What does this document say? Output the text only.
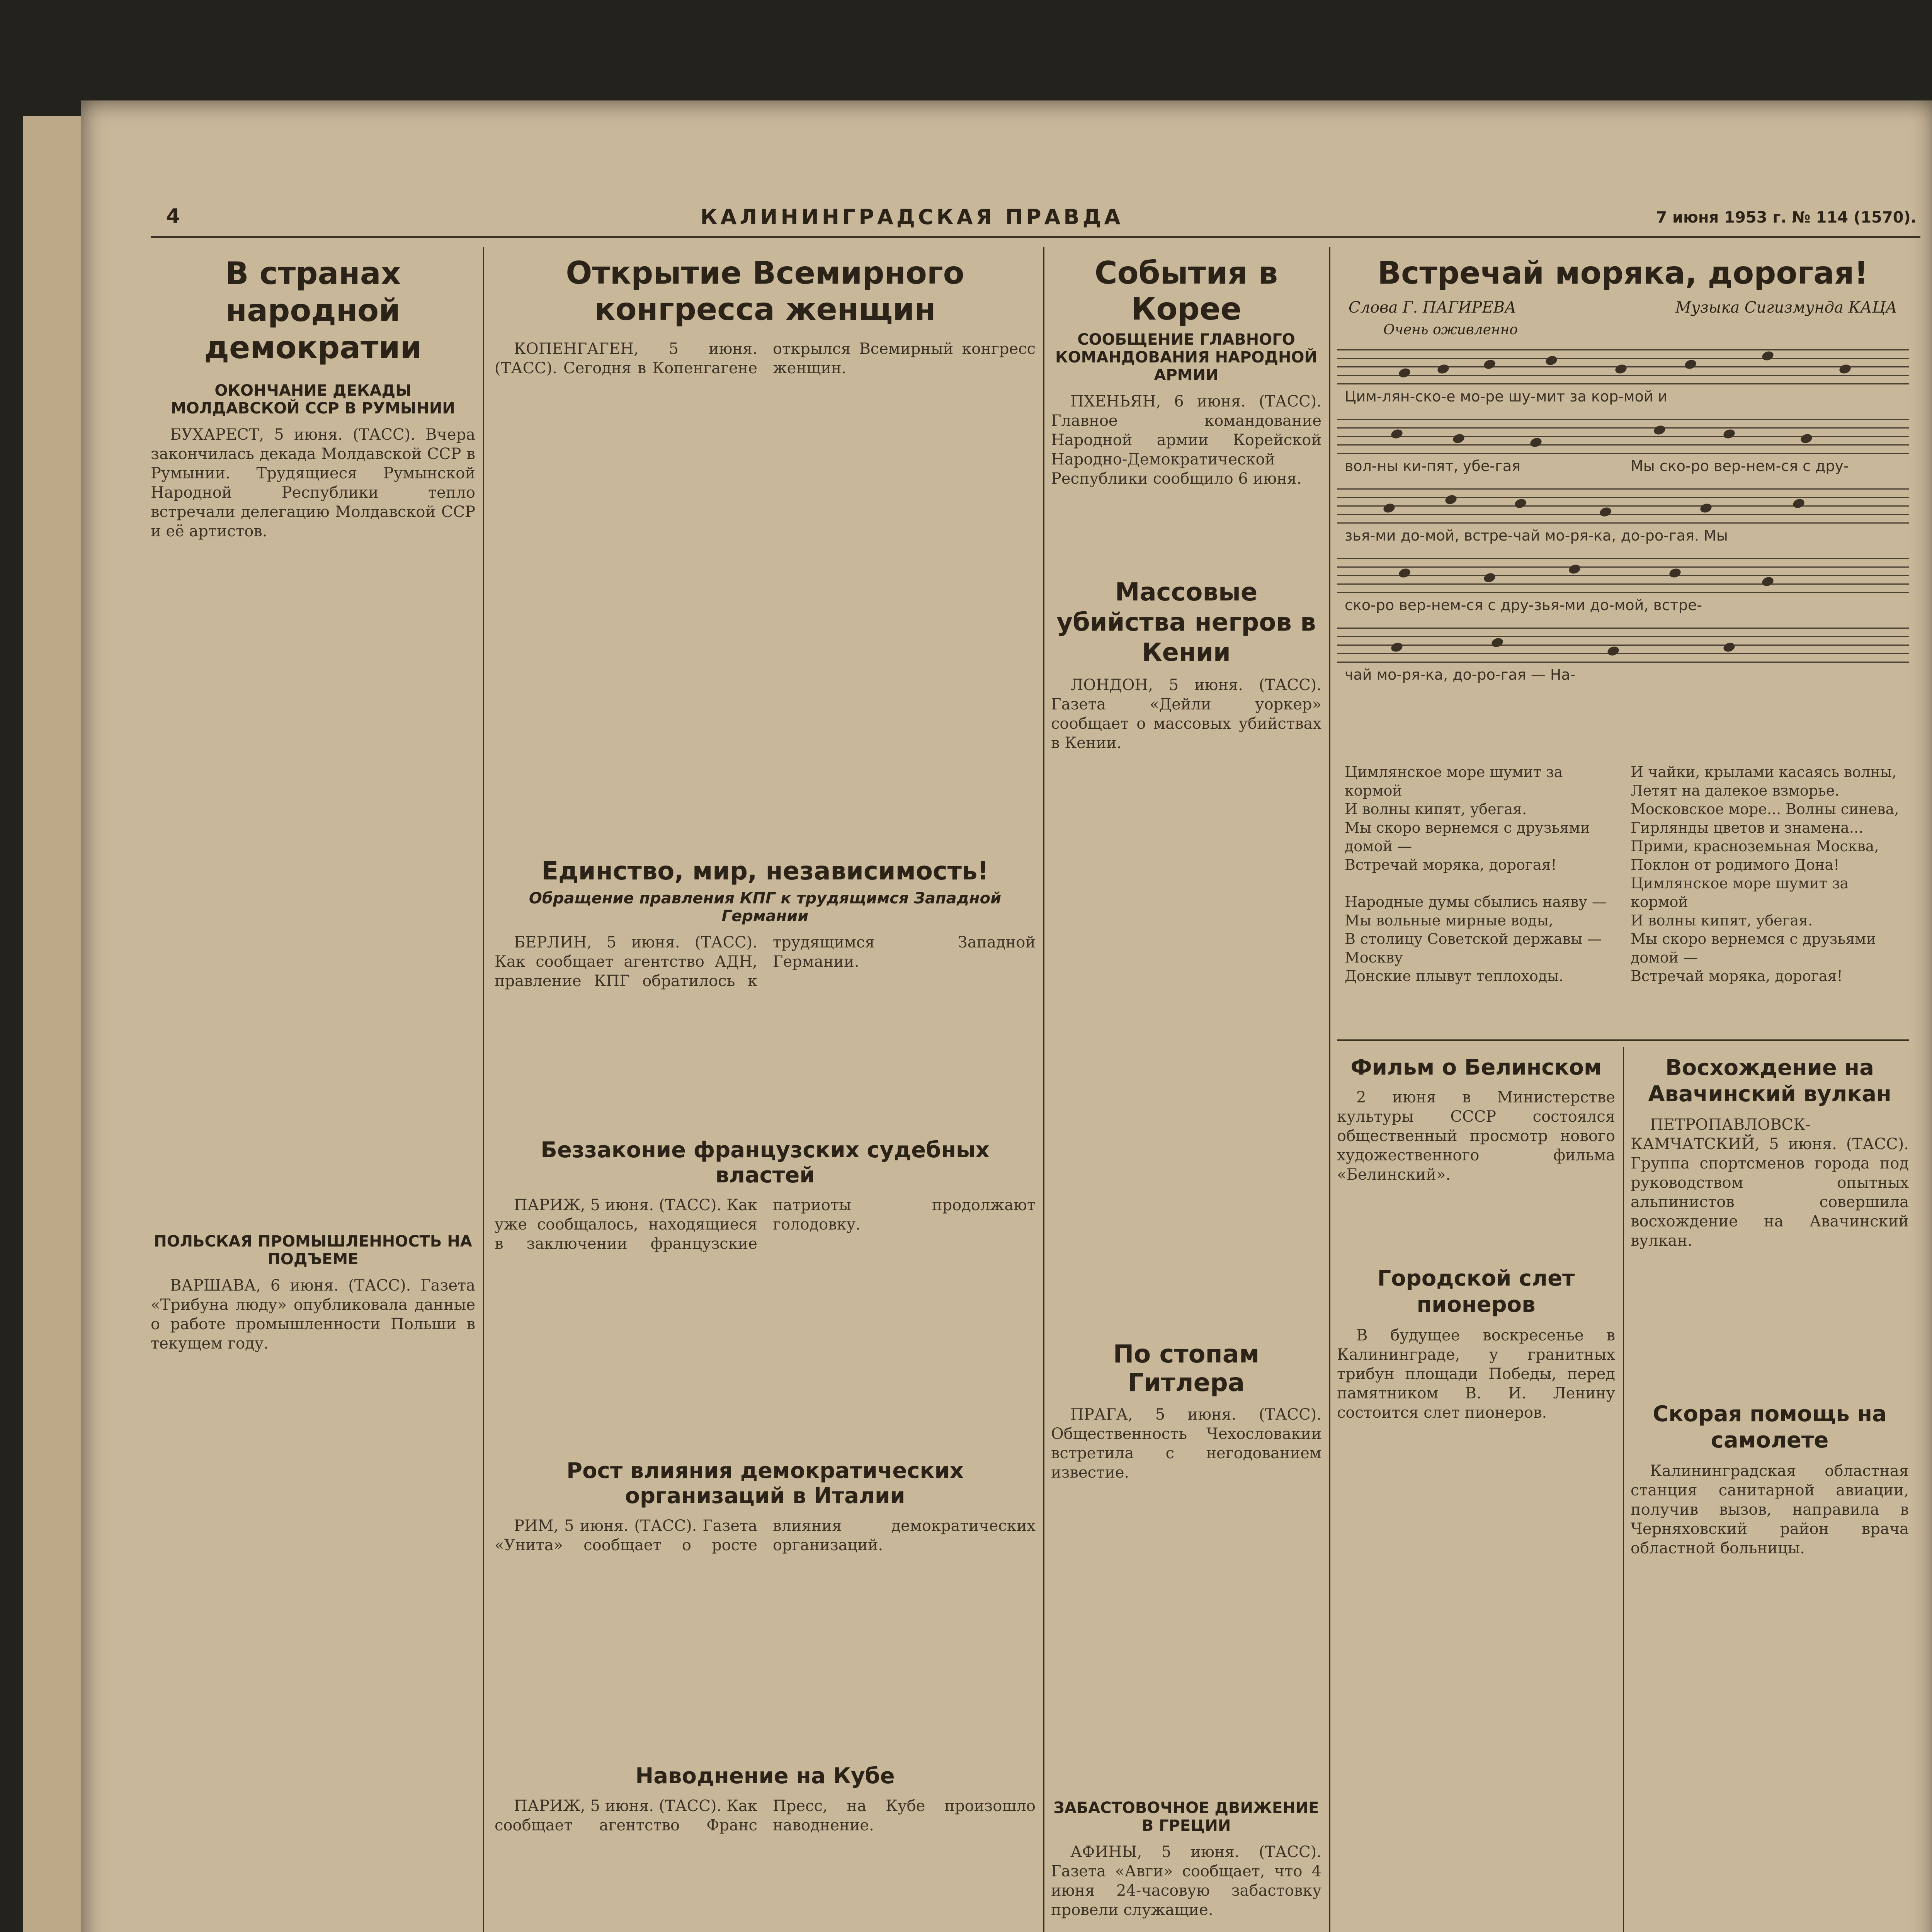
4	КАЛИНИНГРАДСКАЯ ПРАВДА	7 июня 1953 г. № 114 (1570).
В странах народной демократии
ОКОНЧАНИЕ ДЕКАДЫ МОЛДАВСКОЙ ССР В РУМЫНИИ

БУХАРЕСТ, 5 июня. (ТАСС). Вчера закончилась декада Молдавской ССР в Румынии. Трудящиеся Румынской Народной Республики тепло встречали делегацию Молдавской ССР и её артистов.

ПОЛЬСКАЯ ПРОМЫШЛЕННОСТЬ НА ПОДЪЕМЕ

ВАРШАВА, 6 июня. (ТАСС). Газета «Трибуна люду» опубликовала данные о работе промышленности Польши в текущем году.

Открытие Всемирного конгресса женщин

КОПЕНГАГЕН, 5 июня. (ТАСС). Сегодня в Копенгагене открылся Всемирный конгресс женщин.

Единство, мир, независимость!
Обращение правления КПГ к трудящимся Западной Германии

БЕРЛИН, 5 июня. (ТАСС). Как сообщает агентство АДН, правление КПГ обратилось к трудящимся Западной Германии.

Беззаконие французских судебных властей

ПАРИЖ, 5 июня. (ТАСС). Как уже сообщалось, находящиеся в заключении французские патриоты продолжают голодовку.

Рост влияния демократических организаций в Италии

РИМ, 5 июня. (ТАСС). Газета «Унита» сообщает о росте влияния демократических организаций.

Наводнение на Кубе

ПАРИЖ, 5 июня. (ТАСС). Как сообщает агентство Франс Пресс, на Кубе произошло наводнение.

События в Корее
СООБЩЕНИЕ ГЛАВНОГО КОМАНДОВАНИЯ НАРОДНОЙ АРМИИ

ПХЕНЬЯН, 6 июня. (ТАСС). Главное командование Народной армии Корейской Народно-Демократической Республики сообщило 6 июня.

Массовые убийства негров в Кении

ЛОНДОН, 5 июня. (ТАСС). Газета «Дейли уоркер» сообщает о массовых убийствах в Кении.

По стопам Гитлера

ПРАГА, 5 июня. (ТАСС). Общественность Чехословакии встретила с негодованием известие.

ЗАБАСТОВОЧНОЕ ДВИЖЕНИЕ В ГРЕЦИИ

АФИНЫ, 5 июня. (ТАСС). Газета «Авги» сообщает, что 4 июня 24-часовую забастовку провели служащие.

Встречай моряка, дорогая!
Слова Г. ПАГИРЕВА	Музыка Сигизмунда КАЦА
Очень оживленно
Цим-лян-ско-е мо-ре шу-мит за кор-мой и
вол-ны ки-пят, убе-гая	Мы ско-ро вер-нем-ся с дру-
зья-ми до-мой, встре-чай мо-ря-ка, до-ро-гая. Мы
ско-ро вер-нем-ся с дру-зья-ми до-мой, встре-
чай мо-ря-ка, до-ро-гая — На-
Цимлянское море шумит за кормой
И волны кипят, убегая.
Мы скоро вернемся с друзьями домой —
Встречай моряка, дорогая!

Народные думы сбылись наяву —
Мы вольные мирные воды,
В столицу Советской державы — Москву
Донские плывут теплоходы.
И чайки, крылами касаясь волны,
Летят на далекое взморье.
Московское море... Волны синева,
Гирлянды цветов и знамена...
Прими, красноземьная Москва,
Поклон от родимого Дона!
Цимлянское море шумит за кормой
И волны кипят, убегая.
Мы скоро вернемся с друзьями домой —
Встречай моряка, дорогая!
Фильм о Белинском

2 июня в Министерстве культуры СССР состоялся общественный просмотр нового художественного фильма «Белинский».

Городской слет пионеров

В будущее воскресенье в Калининграде, у гранитных трибун площади Победы, перед памятником В. И. Ленину состоится слет пионеров.

Восхождение на Авачинский вулкан

ПЕТРОПАВЛОВСК-КАМЧАТСКИЙ, 5 июня. (ТАСС). Группа спортсменов города под руководством опытных альпинистов совершила восхождение на Авачинский вулкан.

Скорая помощь на самолете

Калининградская областная станция санитарной авиации, получив вызов, направила в Черняховский район врача областной больницы.
